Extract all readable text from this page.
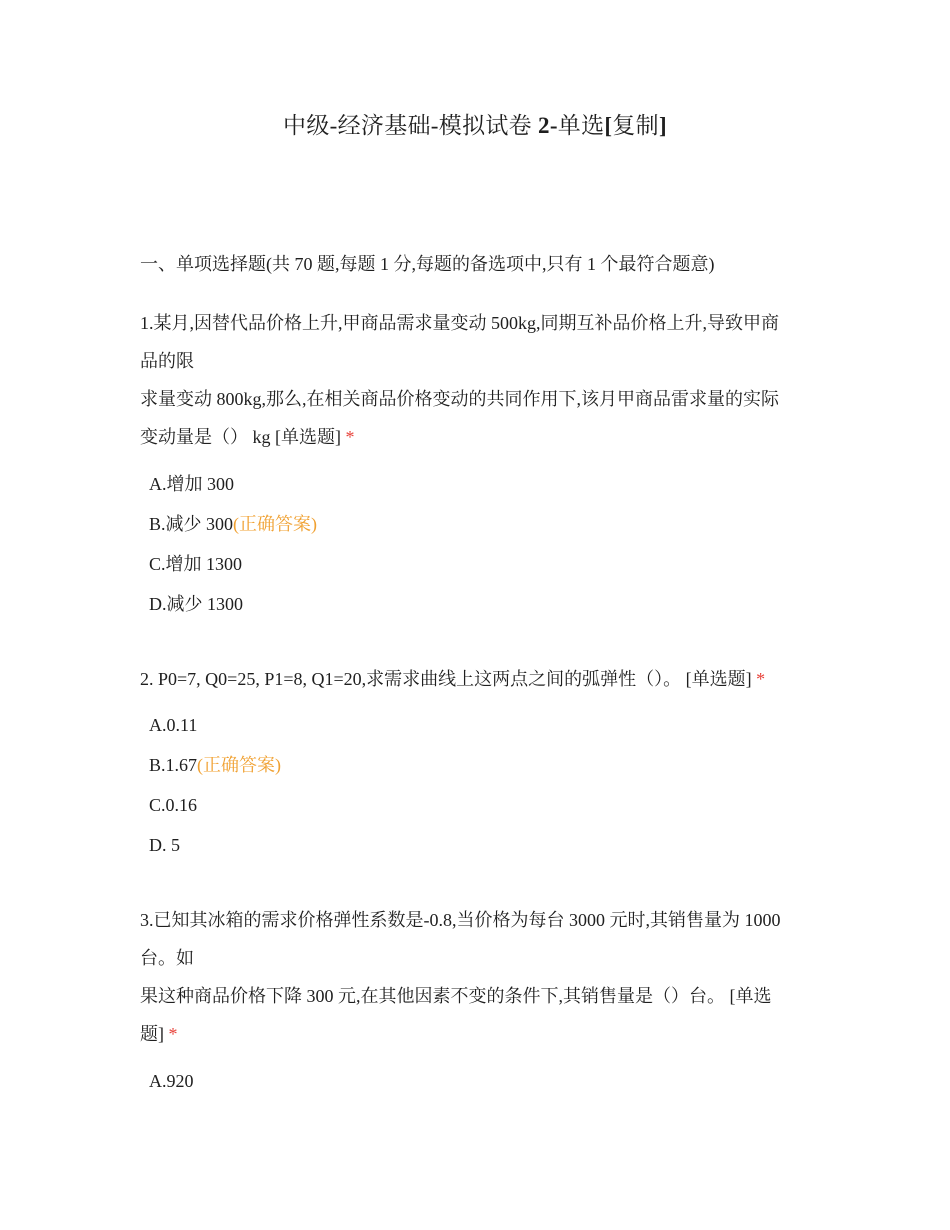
中级-经济基础-模拟试卷 2-单选[复制]
一、单项选择题(共 70 题,每题 1 分,每题的备选项中,只有 1 个最符合题意)
1.某月,因替代品价格上升,甲商品需求量变动 500kg,同期互补品价格上升,导致甲商
品的限
求量变动 800kg,那么,在相关商品价格变动的共同作用下,该月甲商品雷求量的实际
变动量是（） kg [单选题] *
A.增加 300
B.减少 300(正确答案)
C.增加 1300
D.减少 1300
2. P0=7, Q0=25, P1=8, Q1=20,求需求曲线上这两点之间的弧弹性（）。 [单选题] *
A.0.11
B.1.67(正确答案)
C.0.16
D. 5
3.已知其冰箱的需求价格弹性系数是-0.8,当价格为每台 3000 元时,其销售量为 1000
台。如
果这种商品价格下降 300 元,在其他因素不变的条件下,其销售量是（）台。 [单选
题] *
A.920
